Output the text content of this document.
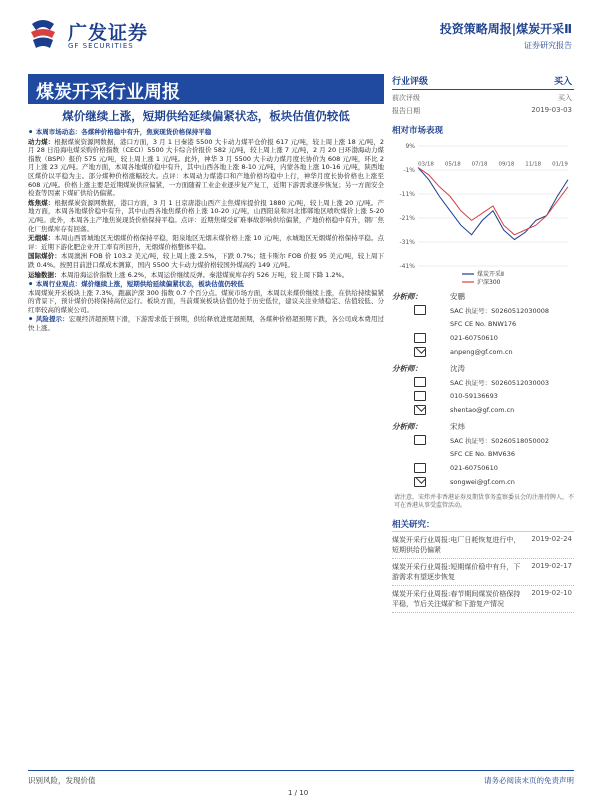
广发证券
GF SECURITIES
投资策略周报|煤炭开采Ⅱ
证券研究报告
煤炭开采行业周报
煤价继续上涨，短期供给延续偏紧状态，板块估值仍较低

⚫ 本周市场动态：各煤种价格稳中有升，焦炭现货价格保持平稳

动力煤：根据煤炭资源网数据，港口方面，3 月 1 日秦港 5500 大卡动力煤平仓价报 617 元/吨，较上周上涨 18 元/吨，2 月 28 日沿海电煤采购价格指数（CECI）5500 大卡综合价报价 582 元/吨，较上周上涨 7 元/吨，2 月 20 日环渤海动力煤指数（BSPI）报价 575 元/吨，较上周上涨 1 元/吨。此外，神华 3 月 5500 大卡动力煤月度长协价为 608 元/吨，环比 2 月上涨 23 元/吨。产地方面，本周各地煤价稳中有升，其中山西各地上涨 8-10 元/吨，内蒙各地上涨 10-16 元/吨，陕西地区煤价以平稳为主。部分煤种价格涨幅较大。点评：本周动力煤港口和产地价格均稳中上行，神华月度长协价格也上涨至 608 元/吨。价格上涨主要是近期煤炭供应偏紧，一方面随着工业企业逐步复产复工，近期下游需求逐步恢复；另一方面安全检查等因素下煤矿供给仍偏紧。

炼焦煤：根据煤炭资源网数据，港口方面，3 月 1 日京唐港山西产主焦煤库提价报 1880 元/吨，较上周上涨 20 元/吨。产地方面，本周各地煤价稳中有升，其中山西各地焦煤价格上涨 10-20 元/吨，山西阳泉和河北邯郸地区喷吹煤价上涨 5-20 元/吨。此外，本周各主产地焦炭现货价格保持平稳。点评：近期焦煤受矿难事故影响供给偏紧，产地价格稳中有升，钢厂焦化厂焦煤库存有回落。

无烟煤：本周山西晋城地区无烟煤价格保持平稳，阳泉地区无烟末煤价格上涨 10 元/吨，永城地区无烟煤价格保持平稳。点评：近期下游化肥企业开工率有所回升，无烟煤价格整体平稳。

国际煤价：本周澳洲 FOB 价 103.2 美元/吨，较上周上涨 2.5%，下跌 0.7%；纽卡斯尔 FOB 价报 95 美元/吨，较上周下跌 0.4%。按照目前进口煤成本测算，国内 5500 大卡动力煤价格较国外煤高约 149 元/吨。

运输数据：本周沿海运价指数上涨 6.2%，本周运价继续反弹。秦港煤炭库存约 526 万吨，较上周下降 1.2%。

⚫ 本周行业观点：煤价继续上涨，短期供给延续偏紧状态，板块估值仍较低
本周煤炭开采板块上涨 7.3%，跑赢沪深 300 指数 0.7 个百分点。煤炭市场方面，本周以来煤价继续上涨，在供给持续偏紧的背景下，预计煤价仍将保持高位运行。板块方面，当前煤炭板块估值仍处于历史低位，建议关注业绩稳定、估值较低、分红率较高的煤炭公司。

⚫ 风险提示：宏观经济超预期下滑，下游需求低于预期，供给释放进度超预期，各煤种价格超预期下跌，各公司成本费用过快上涨。

行业评级	买入
前次评级	买入
报告日期	2019-03-03
相对市场表现
9%
-1%
-11%
-21%
-31%
-41%
03/18 05/18 07/18 09/18 11/18 01/19
煤炭开采Ⅱ
沪深300
分析师：	安鹏
SAC 执证号：S0260512030008
SFC CE No. BNW176
021-60750610
anpeng@gf.com.cn
分析师：	沈涛
SAC 执证号：S0260512030003
010-59136693
shentao@gf.com.cn
分析师：	宋炜
SAC 执证号：S0260518050002
SFC CE No. BMV636
021-60750610
songwei@gf.com.cn
请注意，宋炜并非香港证券及期货事务监察委员会的注册持牌人，不可在香港从事受监管活动。
相关研究：
煤炭开采行业周报:电厂日耗恢复进行中，短期供给仍偏紧
2019-02-24
煤炭开采行业周报:短期煤价稳中有升，下游需求有望逐步恢复
2019-02-17
煤炭开采行业周报:春节期间煤炭价格保持平稳，节后关注煤矿和下游复产情况
2019-02-10
识别风险，发现价值	请务必阅读末页的免责声明
1 / 10
